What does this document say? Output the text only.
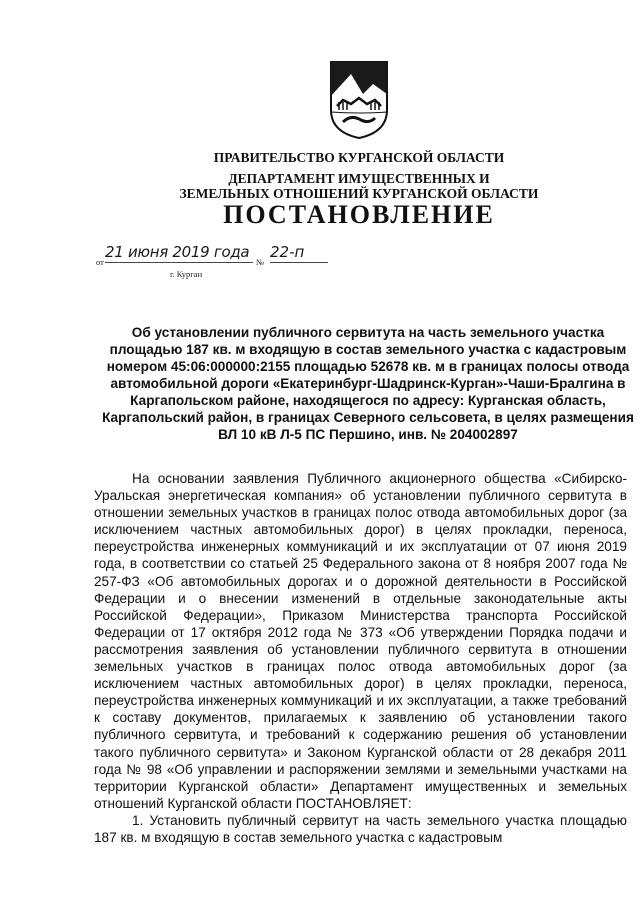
ПРАВИТЕЛЬСТВО КУРГАНСКОЙ ОБЛАСТИ
ДЕПАРТАМЕНТ ИМУЩЕСТВЕННЫХ И
ЗЕМЕЛЬНЫХ ОТНОШЕНИЙ КУРГАНСКОЙ ОБЛАСТИ
ПОСТАНОВЛЕНИЕ
от
21 июня 2019 года
№
22-п
г. Курган
Об установлении публичного сервитута на часть земельного участка площадью 187 кв. м входящую в состав земельного участка с кадастровым номером 45:06:000000:2155 площадью 52678 кв. м в границах полосы отвода автомобильной дороги «Екатеринбург-Шадринск-Курган»-Чаши-Бралгина в Каргапольском районе, находящегося по адресу: Курганская область, Каргапольский район, в границах Северного сельсовета, в целях размещения ВЛ 10 кВ Л-5 ПС Першино, инв. № 204002897

На основании заявления Публичного акционерного общества «Сибирско-Уральская энергетическая компания» об установлении публичного сервитута в отношении земельных участков в границах полос отвода автомобильных дорог (за исключением частных автомобильных дорог) в целях прокладки, переноса, переустройства инженерных коммуникаций и их эксплуатации от 07 июня 2019 года, в соответствии со статьей 25 Федерального закона от 8 ноября 2007 года № 257-ФЗ «Об автомобильных дорогах и о дорожной деятельности в Российской Федерации и о внесении изменений в отдельные законодательные акты Российской Федерации», Приказом Министерства транспорта Российской Федерации от 17 октября 2012 года № 373 «Об утверждении Порядка подачи и рассмотрения заявления об установлении публичного сервитута в отношении земельных участков в границах полос отвода автомобильных дорог (за исключением частных автомобильных дорог) в целях прокладки, переноса, переустройства инженерных коммуникаций и их эксплуатации, а также требований к составу документов, прилагаемых к заявлению об установлении такого публичного сервитута, и требований к содержанию решения об установлении такого публичного сервитута» и Законом Курганской области от 28 декабря 2011 года № 98 «Об управлении и распоряжении землями и земельными участками на территории Курганской области» Департамент имущественных и земельных отношений Курганской области ПОСТАНОВЛЯЕТ:

1. Установить публичный сервитут на часть земельного участка площадью 187 кв. м входящую в состав земельного участка с кадастровым
